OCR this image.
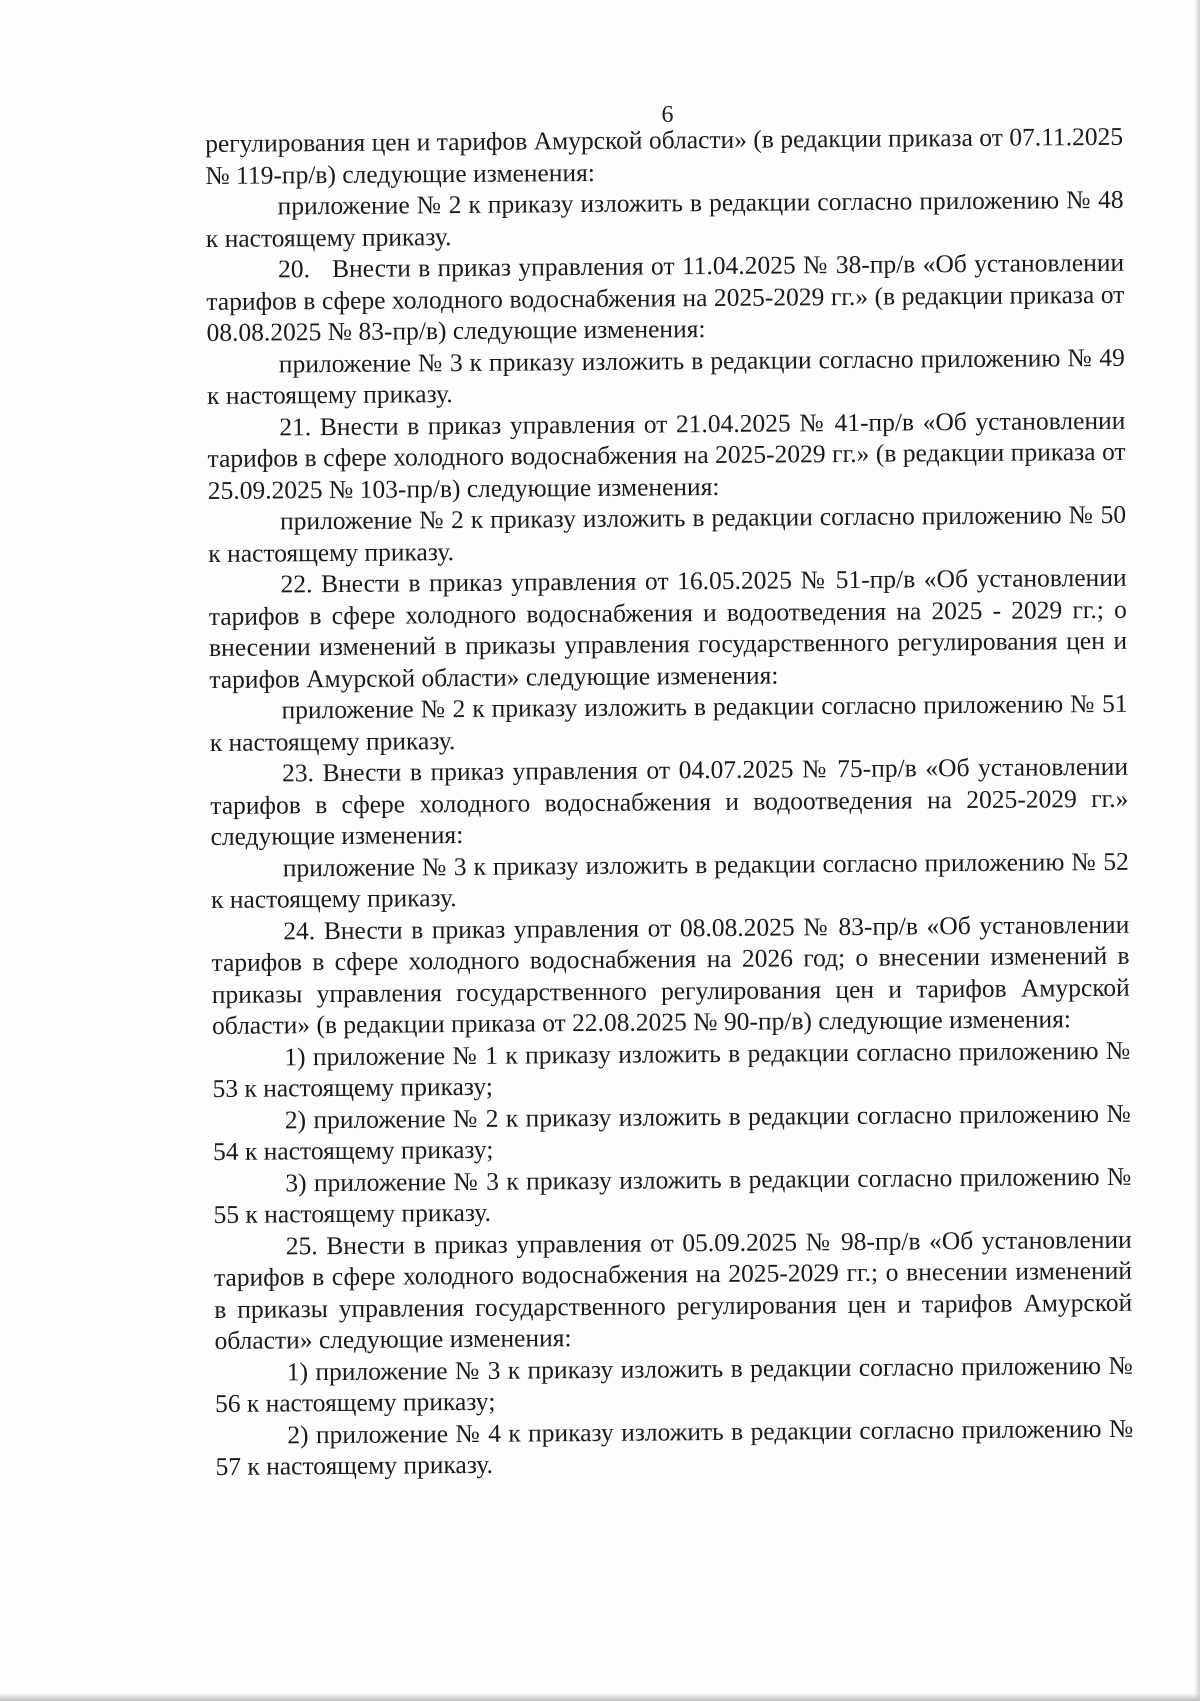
6

регулирования цен и тарифов Амурской области» (в редакции приказа от 07.11.2025 № 119-пр/в) следующие изменения:

приложение № 2 к приказу изложить в редакции согласно приложению № 48 к настоящему приказу.

20.   Внести в приказ управления от 11.04.2025 № 38-пр/в «Об установлении тарифов в сфере холодного водоснабжения на 2025-2029 гг.» (в редакции приказа от 08.08.2025 № 83-пр/в) следующие изменения:

приложение № 3 к приказу изложить в редакции согласно приложению № 49 к настоящему приказу.

21. Внести в приказ управления от 21.04.2025 № 41-пр/в «Об установлении тарифов в сфере холодного водоснабжения на 2025-2029 гг.» (в редакции приказа от 25.09.2025 № 103-пр/в) следующие изменения:

приложение № 2 к приказу изложить в редакции согласно приложению № 50 к настоящему приказу.

22. Внести в приказ управления от 16.05.2025 № 51-пр/в «Об установлении тарифов в сфере холодного водоснабжения и водоотведения на 2025 - 2029 гг.; о внесении изменений в приказы управления государственного регулирования цен и тарифов Амурской области» следующие изменения:

приложение № 2 к приказу изложить в редакции согласно приложению № 51 к настоящему приказу.

23. Внести в приказ управления от 04.07.2025 № 75-пр/в «Об установлении тарифов в сфере холодного водоснабжения и водоотведения на 2025-2029 гг.» следующие изменения:

приложение № 3 к приказу изложить в редакции согласно приложению № 52 к настоящему приказу.

24. Внести в приказ управления от 08.08.2025 № 83-пр/в «Об установлении тарифов в сфере холодного водоснабжения на 2026 год; о внесении изменений в приказы управления государственного регулирования цен и тарифов Амурской области» (в редакции приказа от 22.08.2025 № 90-пр/в) следующие изменения:

1) приложение № 1 к приказу изложить в редакции согласно приложению № 53 к настоящему приказу;

2) приложение № 2 к приказу изложить в редакции согласно приложению № 54 к настоящему приказу;

3) приложение № 3 к приказу изложить в редакции согласно приложению № 55 к настоящему приказу.

25. Внести в приказ управления от 05.09.2025 № 98-пр/в «Об установлении тарифов в сфере холодного водоснабжения на 2025-2029 гг.; о внесении изменений в приказы управления государственного регулирования цен и тарифов Амурской области» следующие изменения:

1) приложение № 3 к приказу изложить в редакции согласно приложению № 56 к настоящему приказу;

2) приложение № 4 к приказу изложить в редакции согласно приложению № 57 к настоящему приказу.
